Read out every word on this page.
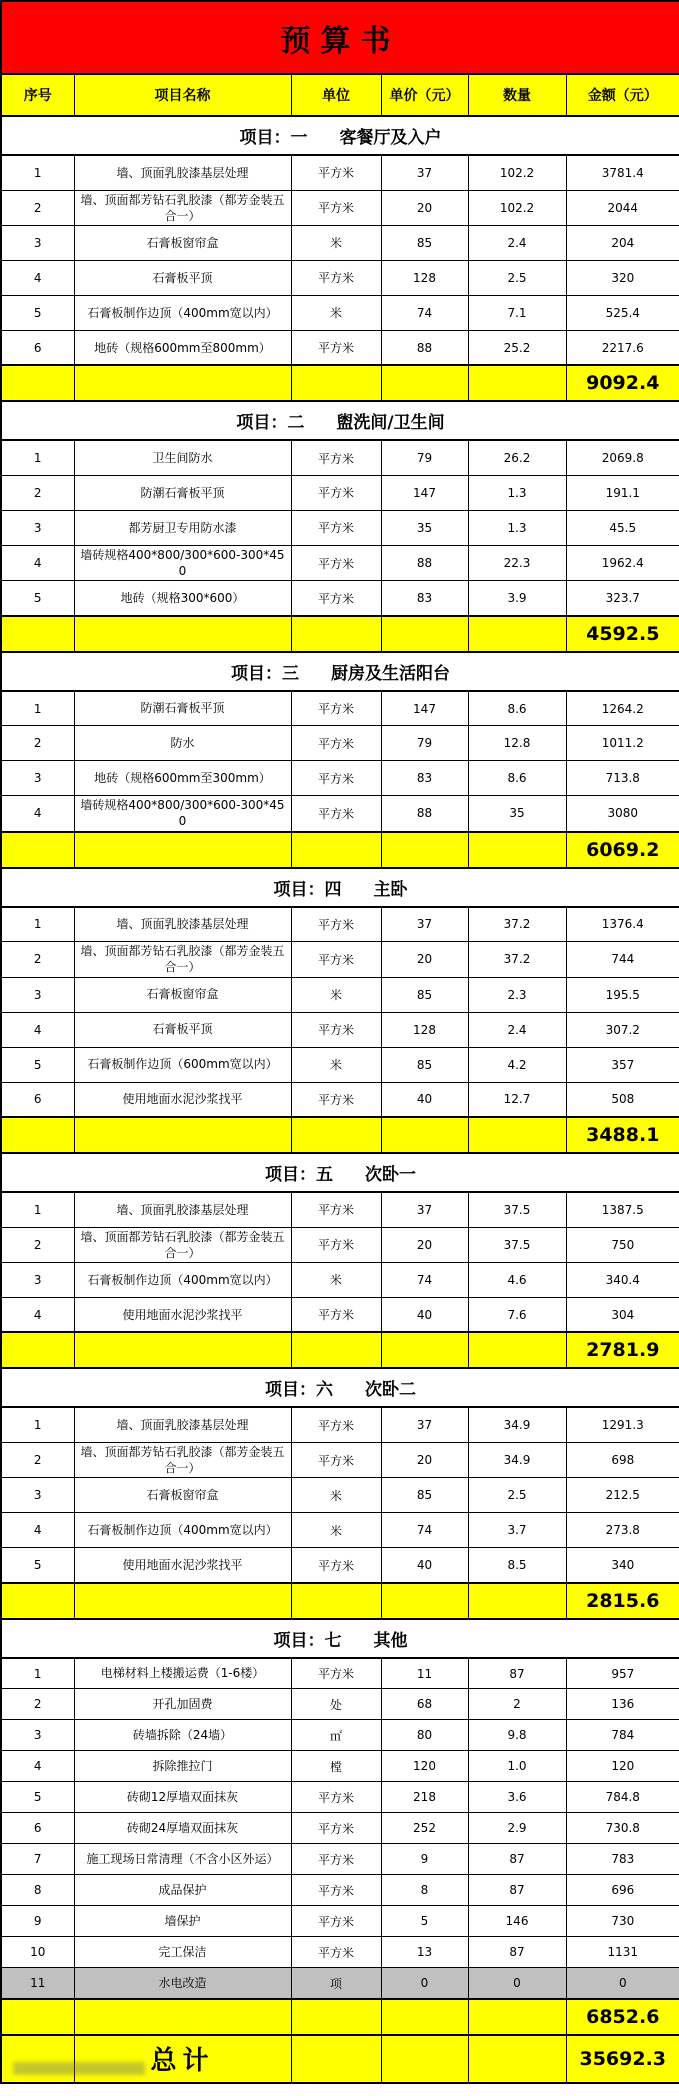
预算书					
序号	项目名称	单位	单价（元）	数量	金额（元）
项目：一 客餐厅及入户					
1	墙、顶面乳胶漆基层处理	平方米	37	102.2	3781.4
2	墙、顶面都芳钻石乳胶漆（都芳金装五合一）	平方米	20	102.2	2044
3	石膏板窗帘盒	米	85	2.4	204
4	石膏板平顶	平方米	128	2.5	320
5	石膏板制作边顶（400mm宽以内）	米	74	7.1	525.4
6	地砖（规格600mm至800mm）	平方米	88	25.2	2217.6
					9092.4
项目：二 盥洗间/卫生间					
1	卫生间防水	平方米	79	26.2	2069.8
2	防潮石膏板平顶	平方米	147	1.3	191.1
3	都芳厨卫专用防水漆	平方米	35	1.3	45.5
4	墙砖规格400*800/300*600-300*450	平方米	88	22.3	1962.4
5	地砖（规格300*600）	平方米	83	3.9	323.7
					4592.5
项目：三 厨房及生活阳台					
1	防潮石膏板平顶	平方米	147	8.6	1264.2
2	防水	平方米	79	12.8	1011.2
3	地砖（规格600mm至300mm）	平方米	83	8.6	713.8
4	墙砖规格400*800/300*600-300*450	平方米	88	35	3080
					6069.2
项目：四 主卧					
1	墙、顶面乳胶漆基层处理	平方米	37	37.2	1376.4
2	墙、顶面都芳钻石乳胶漆（都芳金装五合一）	平方米	20	37.2	744
3	石膏板窗帘盒	米	85	2.3	195.5
4	石膏板平顶	平方米	128	2.4	307.2
5	石膏板制作边顶（600mm宽以内）	米	85	4.2	357
6	使用地面水泥沙浆找平	平方米	40	12.7	508
					3488.1
项目：五 次卧一					
1	墙、顶面乳胶漆基层处理	平方米	37	37.5	1387.5
2	墙、顶面都芳钻石乳胶漆（都芳金装五合一）	平方米	20	37.5	750
3	石膏板制作边顶（400mm宽以内）	米	74	4.6	340.4
4	使用地面水泥沙浆找平	平方米	40	7.6	304
					2781.9
项目：六 次卧二					
1	墙、顶面乳胶漆基层处理	平方米	37	34.9	1291.3
2	墙、顶面都芳钻石乳胶漆（都芳金装五合一）	平方米	20	34.9	698
3	石膏板窗帘盒	米	85	2.5	212.5
4	石膏板制作边顶（400mm宽以内）	米	74	3.7	273.8
5	使用地面水泥沙浆找平	平方米	40	8.5	340
					2815.6
项目：七 其他					
1	电梯材料上楼搬运费（1-6楼）	平方米	11	87	957
2	开孔加固费	处	68	2	136
3	砖墙拆除（24墙）	㎡	80	9.8	784
4	拆除推拉门	樘	120	1.0	120
5	砖砌12厚墙双面抹灰	平方米	218	3.6	784.8
6	砖砌24厚墙双面抹灰	平方米	252	2.9	730.8
7	施工现场日常清理（不含小区外运）	平方米	9	87	783
8	成品保护	平方米	8	87	696
9	墙保护	平方米	5	146	730
10	完工保洁	平方米	13	87	1131
11	水电改造	项	0	0	0
					6852.6
	总计				35692.3
